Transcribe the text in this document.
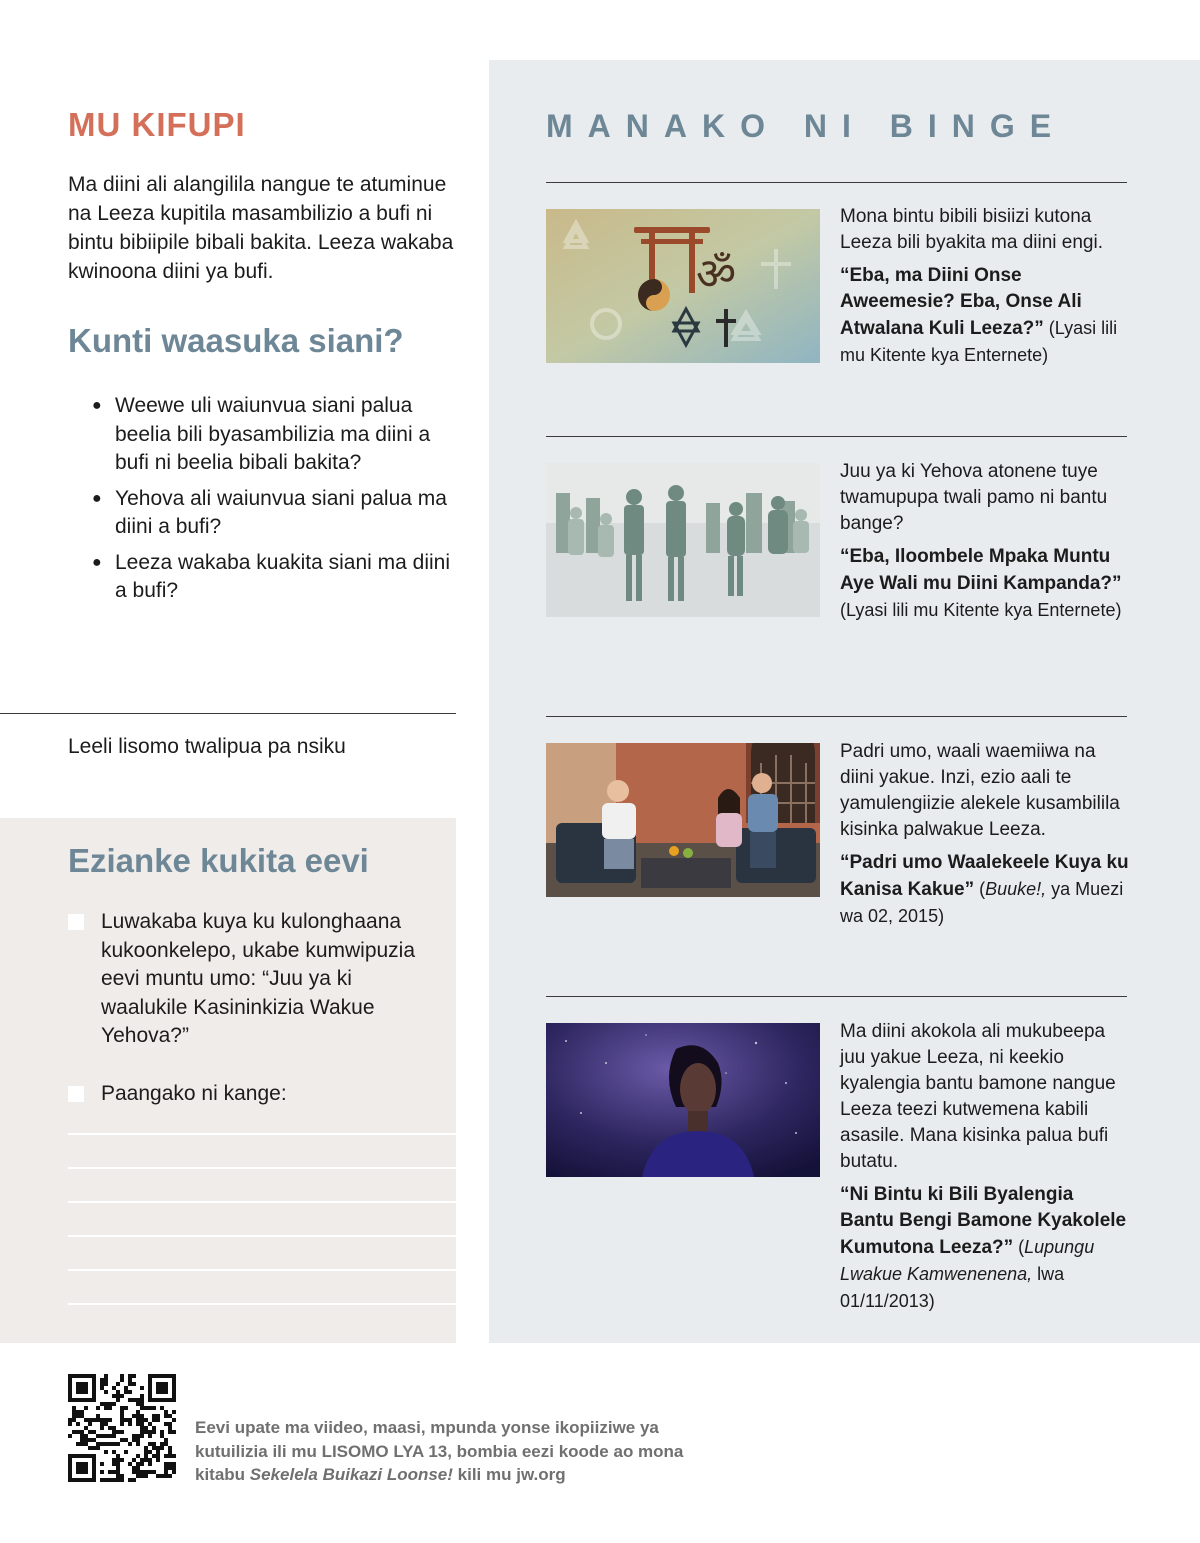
MU KIFUPI

Ma diini ali alangilila nangue te atuminue na Leeza kupitila masambilizio a bufi ni bintu bibiipile bibali bakita. Leeza wakaba kwinoona diini ya bufi.

Kunti waasuka siani?
● Weewe uli waiunvua siani palua beelia bili byasambilizia ma diini a bufi ni beelia bibali bakita?
● Yehova ali waiunvua siani palua ma diini a bufi?
● Leeza wakaba kuakita siani ma diini a bufi?

Leeli lisomo twalipua pa nsiku

Ezianke kukita eevi
Luwakaba kuya ku kulonghaana kukoonkelepo, ukabe kumwipuzia eevi muntu umo: “Juu ya ki waalukile Kasininkizia Wakue Yehova?”
Paangako ni kange:
MANAKO NI BINGE
ॐ

Mona bintu bibili bisiizi kutona Leeza bili byakita ma diini engi.

“Eba, ma Diini Onse Aweemesie? Eba, Onse Ali Atwalana Kuli Leeza?” (Lyasi lili mu Kitente kya Enternete)

Juu ya ki Yehova atonene tuye twamupupa twali pamo ni bantu bange?

“Eba, Iloombele Mpaka Muntu Aye Wali mu Diini Kampanda?” (Lyasi lili mu Kitente kya Enternete)

Padri umo, waali waemiiwa na diini yakue. Inzi, ezio aali te yamulengiizie alekele kusambilila kisinka palwakue Leeza.

“Padri umo Waalekeele Kuya ku Kanisa Kakue” (Buuke!, ya Muezi wa 02, 2015)

Ma diini akokola ali mukubeepa juu yakue Leeza, ni keekio kyalengia bantu bamone nangue Leeza teezi kutwemena kabili asasile. Mana kisinka palua bufi butatu.

“Ni Bintu ki Bili Byalengia Bantu Bengi Bamone Kyakolele Kumutona Leeza?” (Lupungu Lwakue Kamwenenena, lwa 01/11/2013)

Eevi upate ma viideo, maasi, mpunda yonse ikopiiziwe ya kutuilizia ili mu LISOMO LYA 13, bombia eezi koode ao mona kitabu Sekelela Buikazi Loonse! kili mu jw.org
